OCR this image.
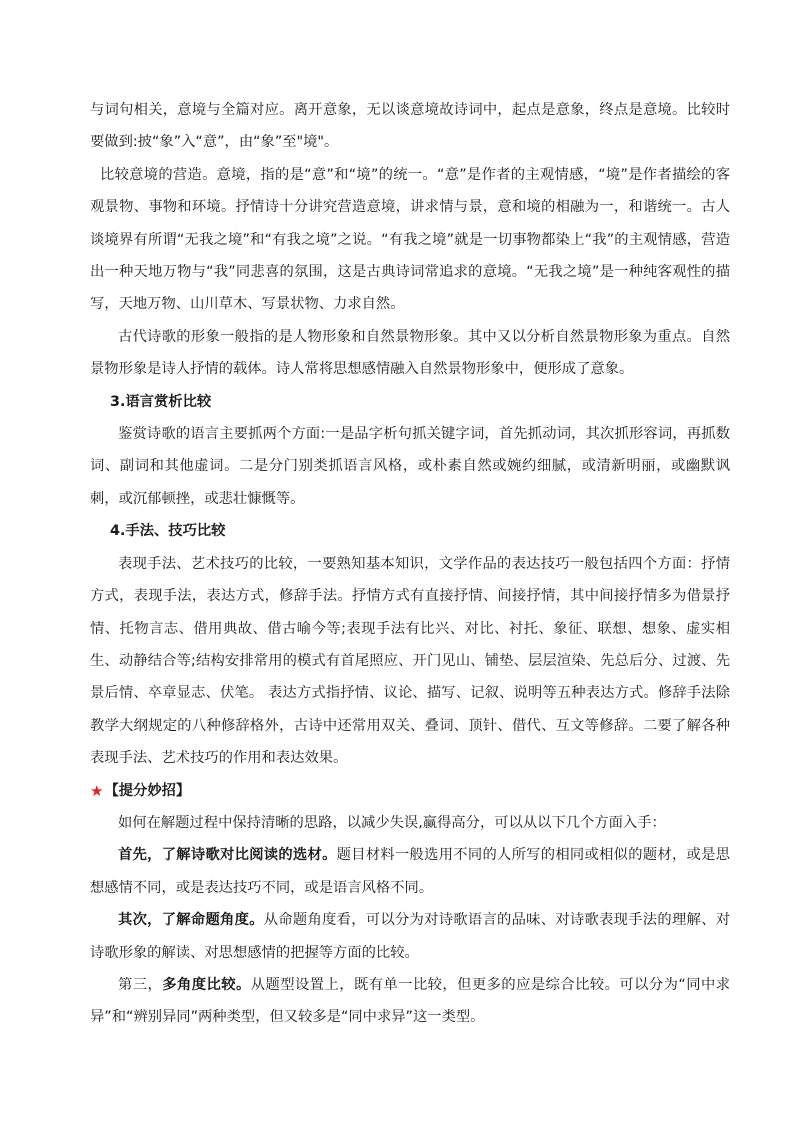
与词句相关，意境与全篇对应。离开意象，无以谈意境故诗词中，起点是意象，终点是意境。比较时要做到:披“象”入“意”，由“象”至"境"。

比较意境的营造。意境，指的是“意”和“境”的统一。“意”是作者的主观情感，“境”是作者描绘的客观景物、事物和环境。抒情诗十分讲究营造意境，讲求情与景，意和境的相融为一，和谐统一。古人谈境界有所谓“无我之境”和“有我之境”之说。“有我之境”就是一切事物都染上“我”的主观情感，营造出一种天地万物与“我”同悲喜的氛围，这是古典诗词常追求的意境。“无我之境”是一种纯客观性的描写，天地万物、山川草木、写景状物、力求自然。

古代诗歌的形象一般指的是人物形象和自然景物形象。其中又以分析自然景物形象为重点。自然景物形象是诗人抒情的载体。诗人常将思想感情融入自然景物形象中，便形成了意象。

3.语言赏析比较

鉴赏诗歌的语言主要抓两个方面:一是品字析句抓关键字词，首先抓动词，其次抓形容词，再抓数词、副词和其他虚词。二是分门别类抓语言风格，或朴素自然或婉约细腻，或清新明丽，或幽默讽刺，或沉郁顿挫，或悲壮慷慨等。

4.手法、技巧比较

表现手法、艺术技巧的比较，一要熟知基本知识，文学作品的表达技巧一般包括四个方面：抒情方式，表现手法，表达方式，修辞手法。抒情方式有直接抒情、间接抒情，其中间接抒情多为借景抒情、托物言志、借用典故、借古喻今等;表现手法有比兴、对比、衬托、象征、联想、想象、虚实相生、动静结合等;结构安排常用的模式有首尾照应、开门见山、铺垫、层层渲染、先总后分、过渡、先景后情、卒章显志、伏笔。 表达方式指抒情、议论、描写、记叙、说明等五种表达方式。修辞手法除教学大纲规定的八种修辞格外，古诗中还常用双关、叠词、顶针、借代、互文等修辞。二要了解各种表现手法、艺术技巧的作用和表达效果。

★ 【提分妙招】

如何在解题过程中保持清晰的思路，以减少失误,赢得高分，可以从以下几个方面入手：

首先，了解诗歌对比阅读的选材。题目材料一般选用不同的人所写的相同或相似的题材，或是思想感情不同，或是表达技巧不同，或是语言风格不同。

其次，了解命题角度。从命题角度看，可以分为对诗歌语言的品味、对诗歌表现手法的理解、对诗歌形象的解读、对思想感情的把握等方面的比较。

第三，多角度比较。从题型设置上，既有单一比较，但更多的应是综合比较。可以分为“同中求异”和“辨别异同”两种类型，但又较多是“同中求异”这一类型。
